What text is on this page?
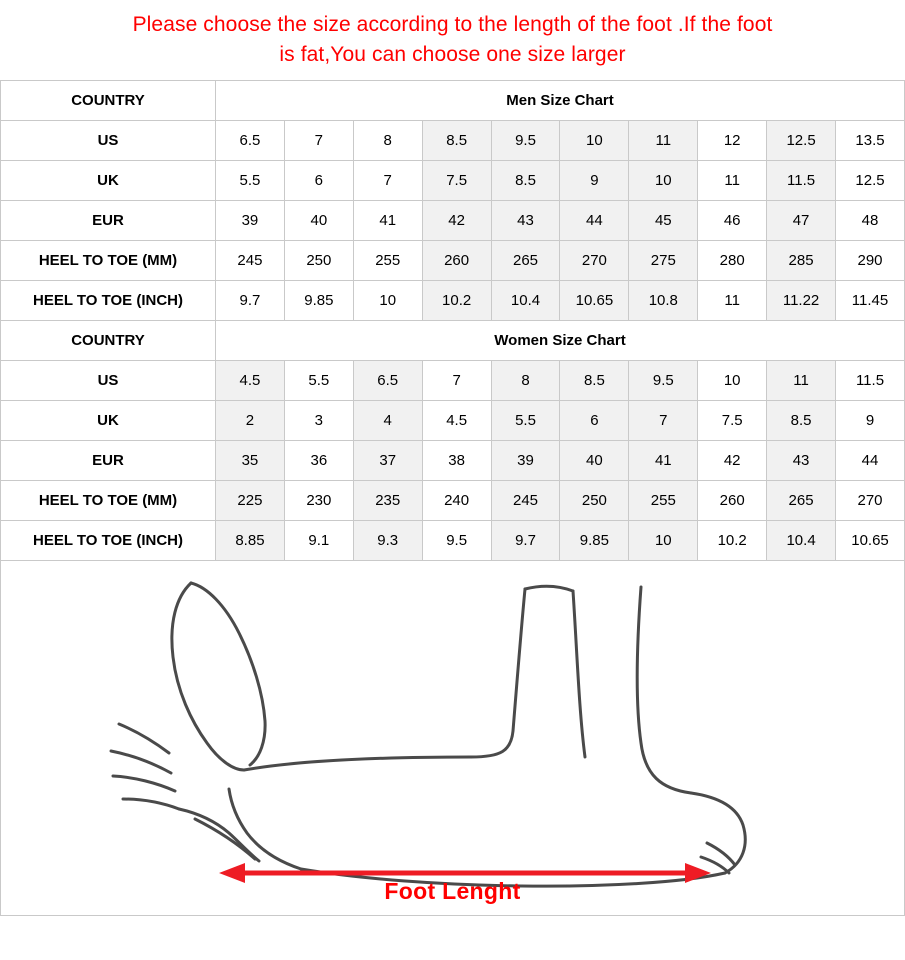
Please choose the size according to the length of the foot .If the foot
is fat,You can choose one size larger
COUNTRY	Men Size Chart									
US	6.5	7	8	8.5	9.5	10	11	12	12.5	13.5
UK	5.5	6	7	7.5	8.5	9	10	11	11.5	12.5
EUR	39	40	41	42	43	44	45	46	47	48
HEEL TO TOE (MM)	245	250	255	260	265	270	275	280	285	290
HEEL TO TOE (INCH)	9.7	9.85	10	10.2	10.4	10.65	10.8	11	11.22	11.45
COUNTRY	Women Size Chart									
US	4.5	5.5	6.5	7	8	8.5	9.5	10	11	11.5
UK	2	3	4	4.5	5.5	6	7	7.5	8.5	9
EUR	35	36	37	38	39	40	41	42	43	44
HEEL TO TOE (MM)	225	230	235	240	245	250	255	260	265	270
HEEL TO TOE (INCH)	8.85	9.1	9.3	9.5	9.7	9.85	10	10.2	10.4	10.65
Foot Lenght
